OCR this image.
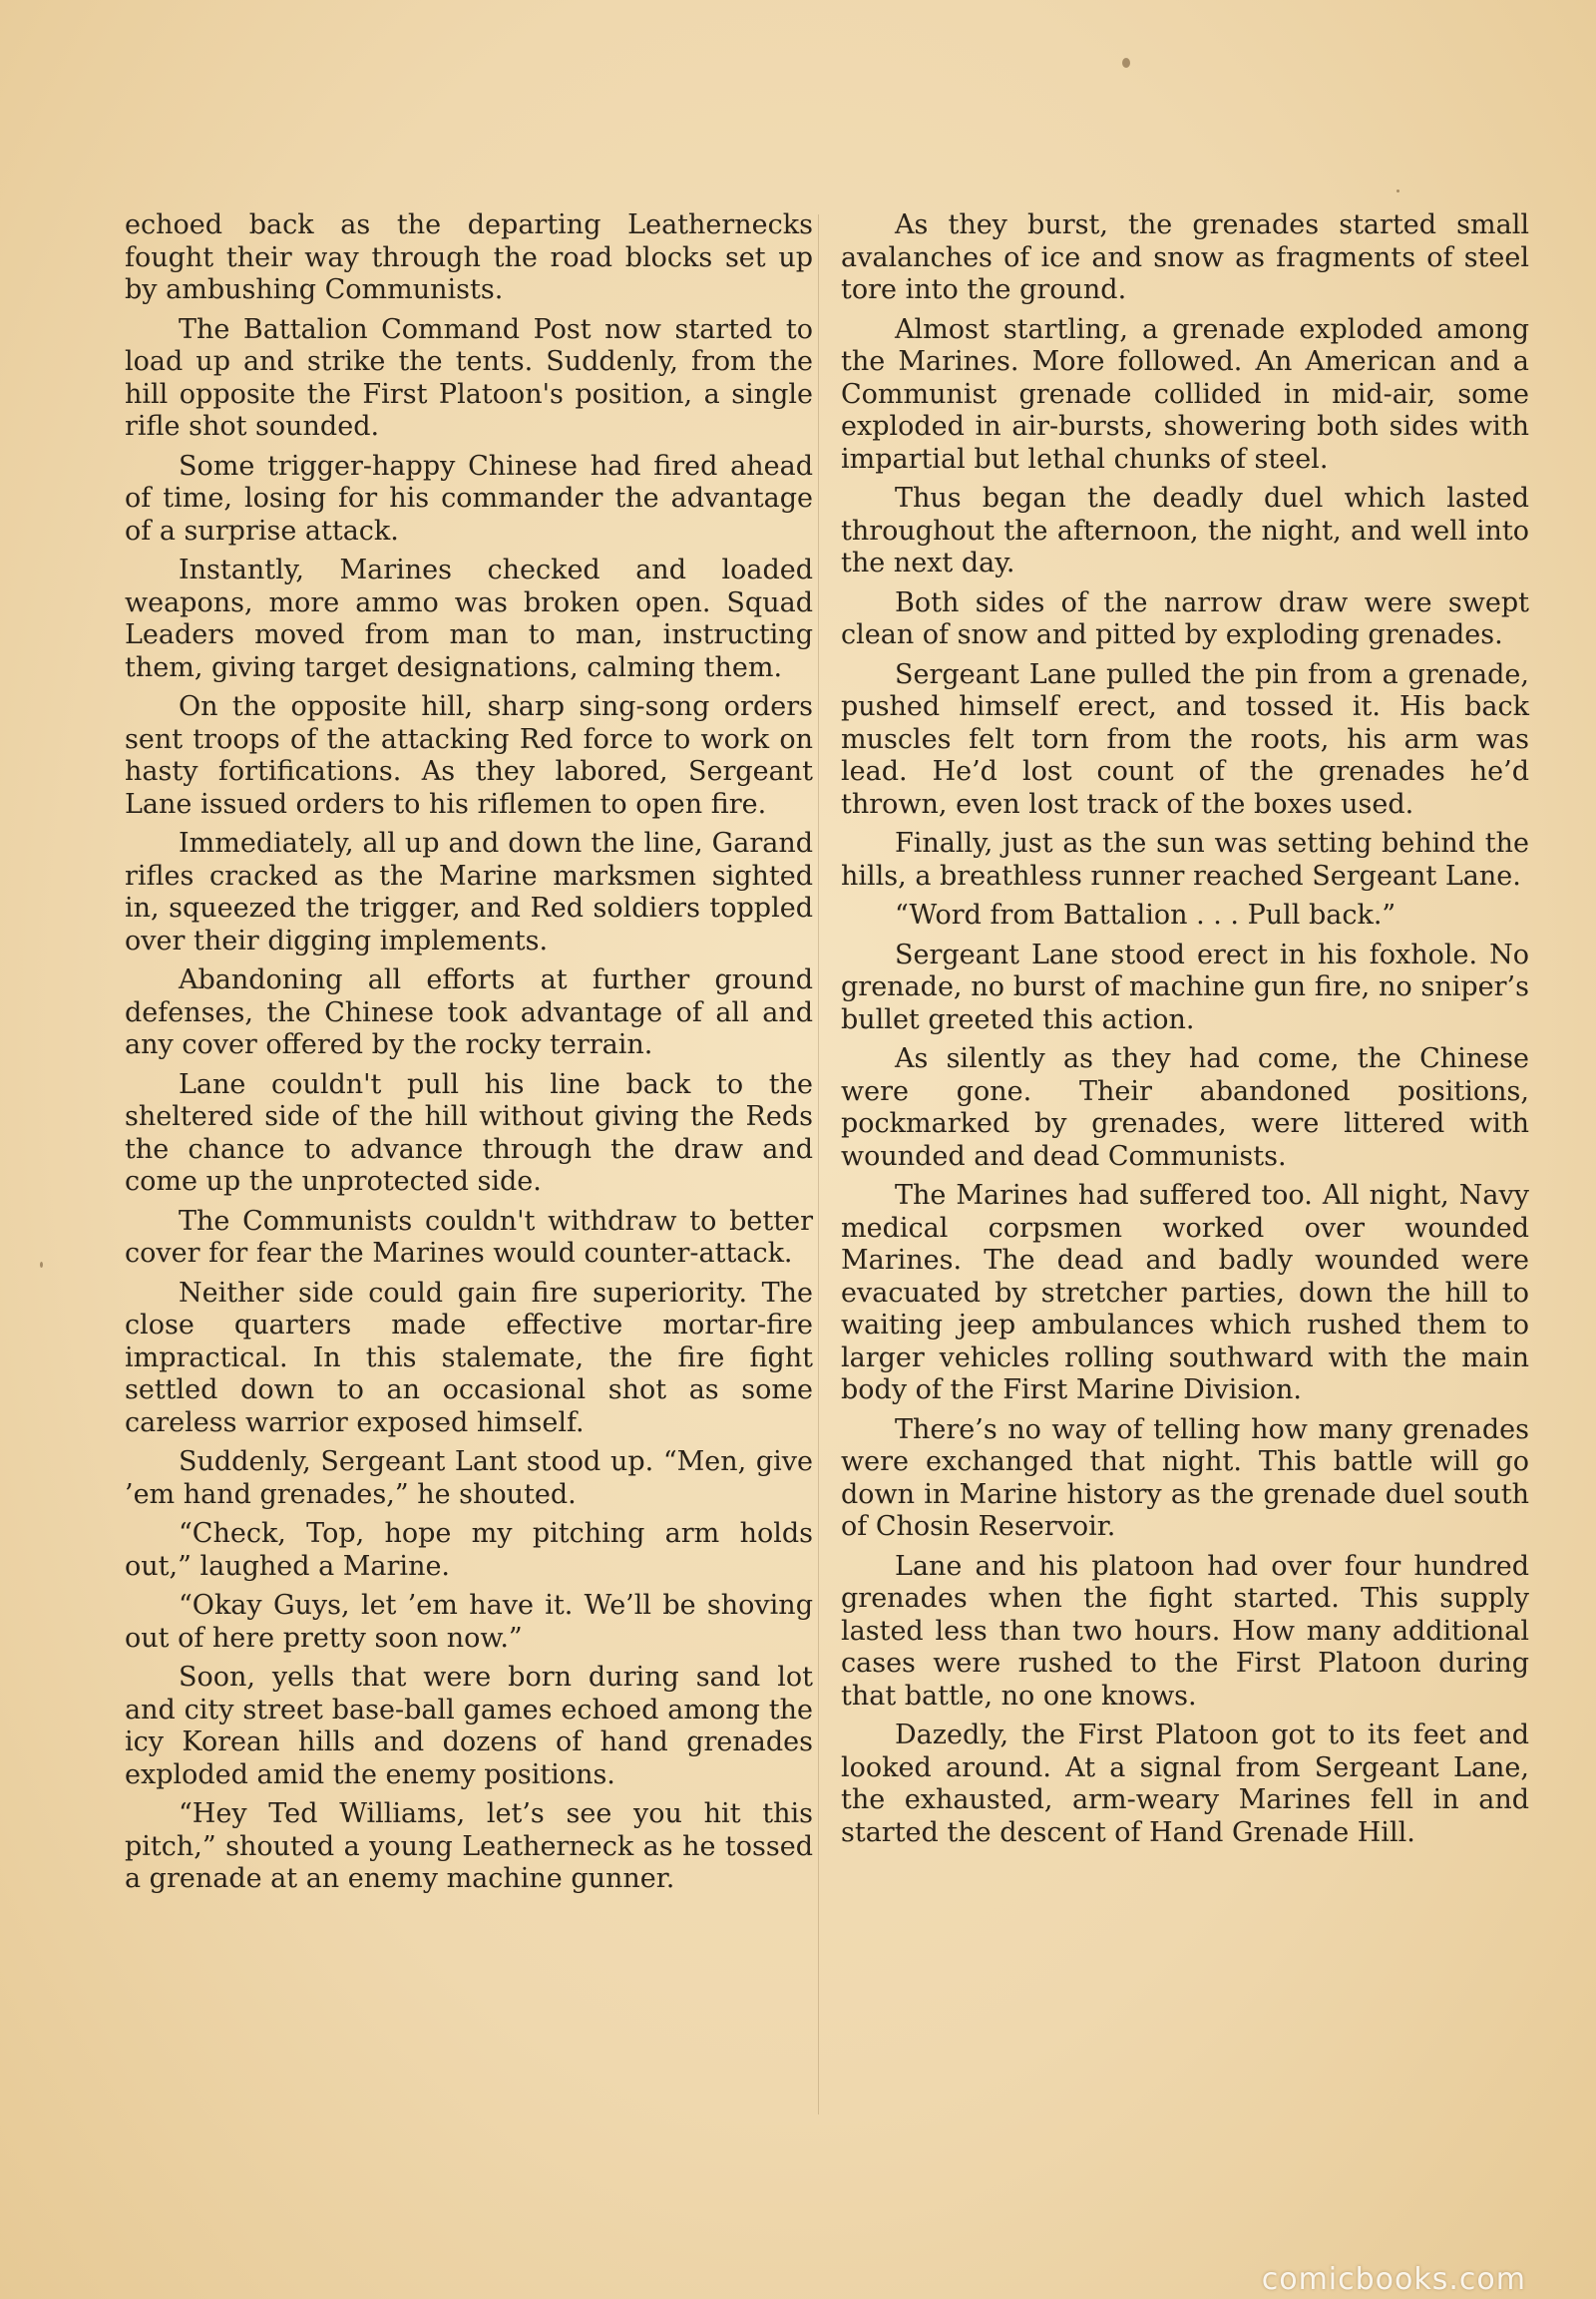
echoed back as the departing Leathernecks fought their way through the road blocks set up by ambushing Communists.

The Battalion Command Post now started to load up and strike the tents. Suddenly, from the hill opposite the First Platoon's position, a single rifle shot sounded.

Some trigger-happy Chinese had fired ahead of time, losing for his commander the advantage of a surprise attack.

Instantly, Marines checked and loaded weapons, more ammo was broken open. Squad Leaders moved from man to man, instructing them, giving target designations, calming them.

On the opposite hill, sharp sing-song orders sent troops of the attacking Red force to work on hasty fortifications. As they labored, Sergeant Lane issued orders to his riflemen to open fire.

Immediately, all up and down the line, Garand rifles cracked as the Marine marksmen sighted in, squeezed the trigger, and Red soldiers toppled over their digging implements.

Abandoning all efforts at further ground defenses, the Chinese took advantage of all and any cover offered by the rocky terrain.

Lane couldn't pull his line back to the sheltered side of the hill without giving the Reds the chance to advance through the draw and come up the unprotected side.

The Communists couldn't withdraw to better cover for fear the Marines would counter-attack.

Neither side could gain fire superiority. The close quarters made effective mortar-fire impractical. In this stalemate, the fire fight settled down to an occasional shot as some careless warrior exposed himself.

Suddenly, Sergeant Lant stood up. “Men, give ’em hand grenades,” he shouted.

“Check, Top, hope my pitching arm holds out,” laughed a Marine.

“Okay Guys, let ’em have it. We’ll be shoving out of here pretty soon now.”

Soon, yells that were born during sand lot and city street base-ball games echoed among the icy Korean hills and dozens of hand grenades exploded amid the enemy positions.

“Hey Ted Williams, let’s see you hit this pitch,” shouted a young Leatherneck as he tossed a grenade at an enemy machine gunner.

As they burst, the grenades started small avalanches of ice and snow as fragments of steel tore into the ground.

Almost startling, a grenade exploded among the Marines. More followed. An American and a Communist grenade collided in mid-air, some exploded in air-bursts, showering both sides with impartial but lethal chunks of steel.

Thus began the deadly duel which lasted throughout the afternoon, the night, and well into the next day.

Both sides of the narrow draw were swept clean of snow and pitted by exploding grenades.

Sergeant Lane pulled the pin from a grenade, pushed himself erect, and tossed it. His back muscles felt torn from the roots, his arm was lead. He’d lost count of the grenades he’d thrown, even lost track of the boxes used.

Finally, just as the sun was setting behind the hills, a breathless runner reached Sergeant Lane.

“Word from Battalion . . . Pull back.”

Sergeant Lane stood erect in his foxhole. No grenade, no burst of machine gun fire, no sniper’s bullet greeted this action.

As silently as they had come, the Chinese were gone. Their abandoned positions, pockmarked by grenades, were littered with wounded and dead Communists.

The Marines had suffered too. All night, Navy medical corpsmen worked over wounded Marines. The dead and badly wounded were evacuated by stretcher parties, down the hill to waiting jeep ambulances which rushed them to larger vehicles rolling southward with the main body of the First Marine Division.

There’s no way of telling how many grenades were exchanged that night. This battle will go down in Marine history as the grenade duel south of Chosin Reservoir.

Lane and his platoon had over four hundred grenades when the fight started. This supply lasted less than two hours. How many additional cases were rushed to the First Platoon during that battle, no one knows.

Dazedly, the First Platoon got to its feet and looked around. At a signal from Sergeant Lane, the exhausted, arm-weary Marines fell in and started the descent of Hand Grenade Hill.

comicbooks.com
